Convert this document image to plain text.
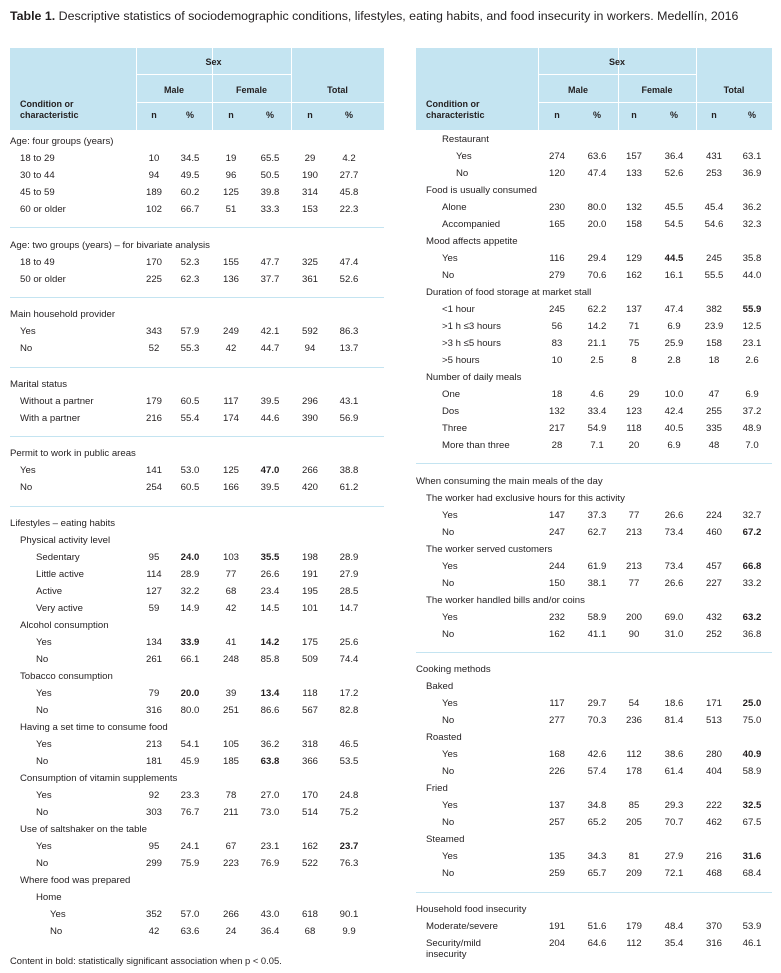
Table 1. Descriptive statistics of sociodemographic conditions, lifestyles, eating habits, and food insecurity in workers. Medellín, 2016
Condition or characteristic
Sex
Male	Female	Total
n	%	n	%	n	%
Age: four groups (years)
18 to 29	10	34.5	19	65.5	29	4.2
30 to 44	94	49.5	96	50.5	190	27.7
45 to 59	189	60.2	125	39.8	314	45.8
60 or older	102	66.7	51	33.3	153	22.3
Age: two groups (years) – for bivariate analysis
18 to 49	170	52.3	155	47.7	325	47.4
50 or older	225	62.3	136	37.7	361	52.6
Main household provider
Yes	343	57.9	249	42.1	592	86.3
No	52	55.3	42	44.7	94	13.7
Marital status
Without a partner	179	60.5	117	39.5	296	43.1
With a partner	216	55.4	174	44.6	390	56.9
Permit to work in public areas
Yes	141	53.0	125	47.0	266	38.8
No	254	60.5	166	39.5	420	61.2
Lifestyles – eating habits
Physical activity level
Sedentary	95	24.0	103	35.5	198	28.9
Little active	114	28.9	77	26.6	191	27.9
Active	127	32.2	68	23.4	195	28.5
Very active	59	14.9	42	14.5	101	14.7
Alcohol consumption
Yes	134	33.9	41	14.2	175	25.6
No	261	66.1	248	85.8	509	74.4
Tobacco consumption
Yes	79	20.0	39	13.4	118	17.2
No	316	80.0	251	86.6	567	82.8
Having a set time to consume food
Yes	213	54.1	105	36.2	318	46.5
No	181	45.9	185	63.8	366	53.5
Consumption of vitamin supplements
Yes	92	23.3	78	27.0	170	24.8
No	303	76.7	211	73.0	514	75.2
Use of saltshaker on the table
Yes	95	24.1	67	23.1	162	23.7
No	299	75.9	223	76.9	522	76.3
Where food was prepared
Home
Yes	352	57.0	266	43.0	618	90.1
No	42	63.6	24	36.4	68	9.9
Condition or characteristic
Sex
Male	Female	Total
n	%	n	%	n	%
Restaurant
Yes	274	63.6	157	36.4	431	63.1
No	120	47.4	133	52.6	253	36.9
Food is usually consumed
Alone	230	80.0	132	45.5	45.4	36.2
Accompanied	165	20.0	158	54.5	54.6	32.3
Mood affects appetite
Yes	116	29.4	129	44.5	245	35.8
No	279	70.6	162	16.1	55.5	44.0
Duration of food storage at market stall
<1 hour	245	62.2	137	47.4	382	55.9
>1 h ≤3 hours	56	14.2	71	6.9	23.9	12.5
>3 h ≤5 hours	83	21.1	75	25.9	158	23.1
>5 hours	10	2.5	8	2.8	18	2.6
Number of daily meals
One	18	4.6	29	10.0	47	6.9
Dos	132	33.4	123	42.4	255	37.2
Three	217	54.9	118	40.5	335	48.9
More than three	28	7.1	20	6.9	48	7.0
When consuming the main meals of the day
The worker had exclusive hours for this activity
Yes	147	37.3	77	26.6	224	32.7
No	247	62.7	213	73.4	460	67.2
The worker served customers
Yes	244	61.9	213	73.4	457	66.8
No	150	38.1	77	26.6	227	33.2
The worker handled bills and/or coins
Yes	232	58.9	200	69.0	432	63.2
No	162	41.1	90	31.0	252	36.8
Cooking methods
Baked
Yes	117	29.7	54	18.6	171	25.0
No	277	70.3	236	81.4	513	75.0
Roasted
Yes	168	42.6	112	38.6	280	40.9
No	226	57.4	178	61.4	404	58.9
Fried
Yes	137	34.8	85	29.3	222	32.5
No	257	65.2	205	70.7	462	67.5
Steamed
Yes	135	34.3	81	27.9	216	31.6
No	259	65.7	209	72.1	468	68.4
Household food insecurity
Moderate/severe	191	51.6	179	48.4	370	53.9
Security/mild insecurity
204	64.6	112	35.4	316	46.1
Content in bold: statistically significant association when p < 0.05.
